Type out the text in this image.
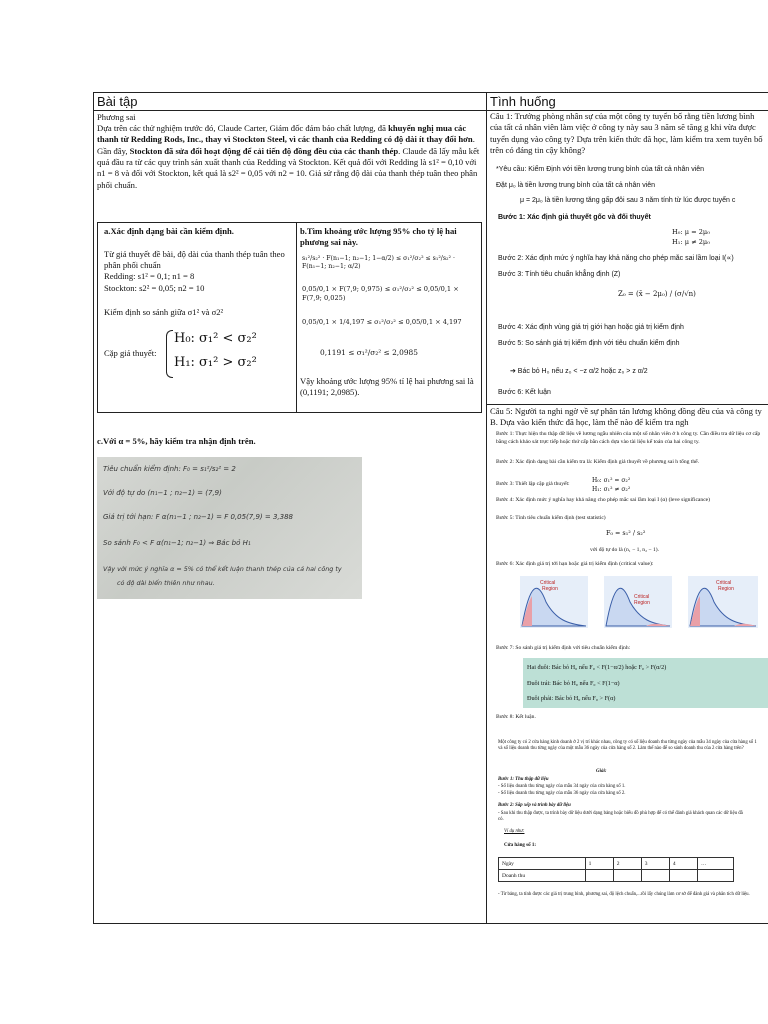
Bài tập
Phương sai
Dựa trên các thử nghiệm trước đó, Claude Carter, Giám đốc đảm bảo chất lượng, đã khuyến nghị mua các thanh từ Redding Rods, Inc., thay vì Stockton Steel, vì các thanh của Redding có độ dài ít thay đổi hơn. Gần đây, Stockton đã sửa đổi hoạt động để cải tiến độ đồng đều của các thanh thép. Claude đã lấy mẫu kết quả đầu ra từ các quy trình sản xuất thanh của Redding và Stockton. Kết quả đối với Redding là s1² = 0,10 với n1 = 8 và đối với Stockton, kết quả là s2² = 0,05 với n2 = 10. Giả sử rằng độ dài của thanh thép tuân theo phân phối chuẩn.
a.Xác định dạng bài cần kiểm định.
Từ giả thuyết đề bài, độ dài của thanh thép tuân theo phân phối chuẩn
Redding: s1² = 0,1; n1 = 8
Stockton: s2² = 0,05; n2 = 10
Kiểm định so sánh giữa σ1² và σ2²
Cặp giả thuyết:
H₀: σ₁² < σ₂²
H₁: σ₁² > σ₂²
b.Tìm khoảng ước lượng 95% cho tỷ lệ hai phương sai này.
s₁²/s₂² · F(n₁−1; n₂−1; 1−α/2) ≤ σ₁²/σ₂² ≤ s₁²/s₂² · F(n₁−1; n₂−1; α/2)
0,05/0,1 × F(7,9; 0,975) ≤ σ₁²/σ₂² ≤ 0,05/0,1 × F(7,9; 0,025)
0,05/0,1 × 1/4,197 ≤ σ₁²/σ₂² ≤ 0,05/0,1 × 4,197
0,1191 ≤ σ₁²/σ₂² ≤ 2,0985
Vậy khoảng ước lượng 95% tỉ lệ hai phương sai là (0,1191; 2,0985).
c.Với α = 5%, hãy kiểm tra nhận định trên.
Tiêu chuẩn kiểm định: F₀ = s₁²/s₂² = 2
Với độ tự do (n₁−1 ; n₂−1) = (7,9)
Giá trị tới hạn: F α(n₁−1 ; n₂−1) = F 0,05(7,9) = 3,388
So sánh F₀ < F α(n₁−1; n₂−1) ⇒ Bác bỏ H₁
Vậy với mức ý nghĩa α = 5% có thể kết luận thanh thép của cả hai công ty
có độ dài biến thiên như nhau.
Tình huống
Câu 1: Trưởng phòng nhân sự của một công ty tuyển bố rằng tiền lương bình của tất cả nhân viên làm việc ở công ty này sau 3 năm sẽ tăng g khi vừa được tuyển dụng vào công ty? Dựa trên kiến thức đã học, làm kiểm tra xem tuyên bố trên có đáng tin cậy không?
*Yêu cầu: Kiểm Định với tiền lương trung bình của tất cả nhân viên
Đặt μ₀ là tiền lương trung bình của tất cả nhân viên
μ = 2μ₀ là tiền lương tăng gấp đôi sau 3 năm tính từ lúc được tuyển c
Bước 1: Xác định giả thuyết gốc và đối thuyết
H₀: μ = 2μ₀
H₁: μ ≠ 2μ₀
Bước 2: Xác định mức ý nghĩa hay khả năng cho phép mắc sai lầm loại I(∝)
Bước 3: Tính tiêu chuẩn khẳng định (Z)
Z₀ = (x̄ − 2μ₀) / (σ/√n)
Bước 4: Xác định vùng giá trị giới hạn hoặc giá trị kiểm định
Bước 5: So sánh giá trị kiểm định với tiêu chuẩn kiểm định
➔ Bác bỏ H₀ nếu z₀ < −z α/2 hoặc z₀ > z α/2
Bước 6: Kết luận
Câu 5: Người ta nghi ngờ về sự phân tán lương không đồng đều của và công ty B. Dựa vào kiến thức đã học, làm thế nào để kiểm tra ngh
Bước 1: Thực hiện thu thập dữ liệu về lương ngẫu nhiên của một số nhân viên ở h công ty. Cần điều tra dữ liệu cơ cấp bằng cách khảo sát trực tiếp hoặc thứ cấp bằn cách dựa vào tài liệu kế toán của hai công ty.
Bước 2: Xác định dạng bài cần kiểm tra là: Kiểm định giả thuyết về phương sai h tổng thể.
Bước 3: Thiết lập cặp giả thuyết:	H₀: σ₁² = σ₂²
H₁: σ₁² ≠ σ₂²
Bước 4: Xác định mức ý nghĩa hay khả năng cho phép mắc sai lầm loại I (α) (leve significance)
Bước 5: Tính tiêu chuẩn kiểm định (test statistic)
F₀ = s₁² / s₂²
với độ tự do là (n₁ − 1, n₂ − 1).
Bước 6: Xác định giá trị tới hạn hoặc giá trị kiểm định (critical value):
Critical
Region
Critical
Region
Critical
Region
Bước 7: So sánh giá trị kiểm định với tiêu chuẩn kiểm định:
Hai đuôi: Bác bỏ H₀ nếu F₀ < F(1−α/2) hoặc F₀ > F(α/2)
Đuôi trái: Bác bỏ H₀ nếu F₀ < F(1−α)
Đuôi phải: Bác bỏ H₀ nếu F₀ > F(α)
Bước 8: Kết luận.
Một công ty có 2 cửa hàng kinh doanh ở 2 vị trí khác nhau, công ty có số liệu doanh thu từng ngày của mẫu 34 ngày của cửa hàng số 1 và số liệu doanh thu từng ngày của một mẫu 36 ngày của cửa hàng số 2. Làm thế nào để so sánh doanh thu của 2 cửa hàng trên?
Giải:
Bước 1: Thu thập dữ liệu
- Số liệu doanh thu từng ngày của mẫu 34 ngày của cửa hàng số 1.
- Số liệu doanh thu từng ngày của mẫu 36 ngày của cửa hàng số 2.
Bước 2: Sắp xếp và trình bày dữ liệu
- Sau khi thu thập được, ta trình bày dữ liệu dưới dạng bảng hoặc biểu đồ phù hợp để có thể đánh giá khách quan các dữ liệu đã có.
Ví dụ như:
Cửa hàng số 1:
Ngày	1	2	3	4	…
Doanh thu					
- Từ bảng, ta tính được các giá trị trung bình, phương sai, độ lệch chuẩn,...rồi lấy chúng làm cơ sở để đánh giá và phân tích dữ liệu.
